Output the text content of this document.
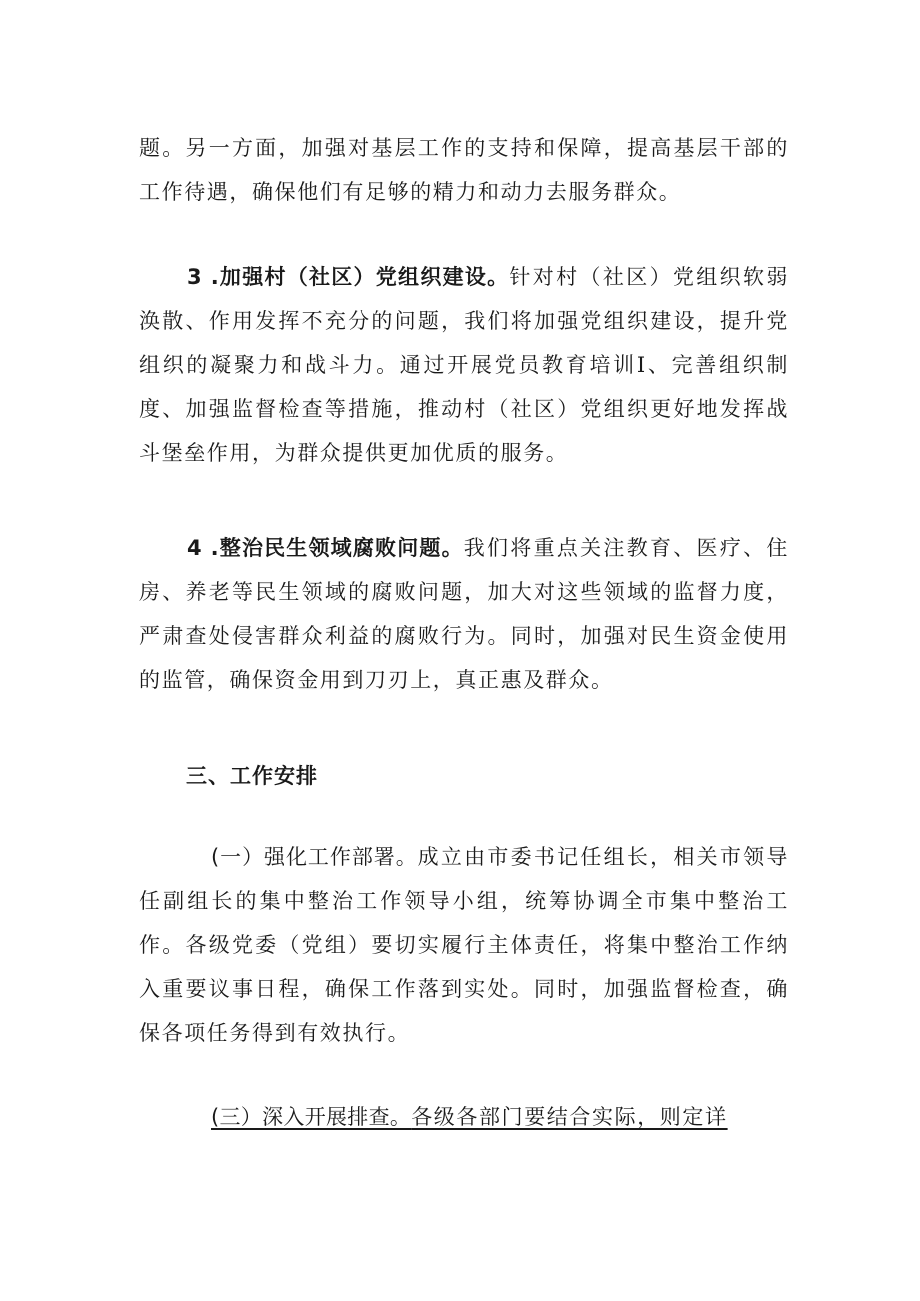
题。另一方面，加强对基层工作的支持和保障，提高基层干部的工作待遇，确保他们有足够的精力和动力去服务群众。

3 .加强村（社区）党组织建设。针对村（社区）党组织软弱涣散、作用发挥不充分的问题，我们将加强党组织建设，提升党组织的凝聚力和战斗力。通过开展党员教育培训I、完善组织制度、加强监督检查等措施，推动村（社区）党组织更好地发挥战斗堡垒作用，为群众提供更加优质的服务。

4 .整治民生领域腐败问题。我们将重点关注教育、医疗、住房、养老等民生领域的腐败问题，加大对这些领域的监督力度，严肃查处侵害群众利益的腐败行为。同时，加强对民生资金使用的监管，确保资金用到刀刃上，真正惠及群众。

三、工作安排

(一）强化工作部署。成立由市委书记任组长，相关市领导任副组长的集中整治工作领导小组，统筹协调全市集中整治工作。各级党委（党组）要切实履行主体责任，将集中整治工作纳入重要议事日程，确保工作落到实处。同时，加强监督检查，确保各项任务得到有效执行。

(三）深入开展排查。各级各部门要结合实际，则定详
